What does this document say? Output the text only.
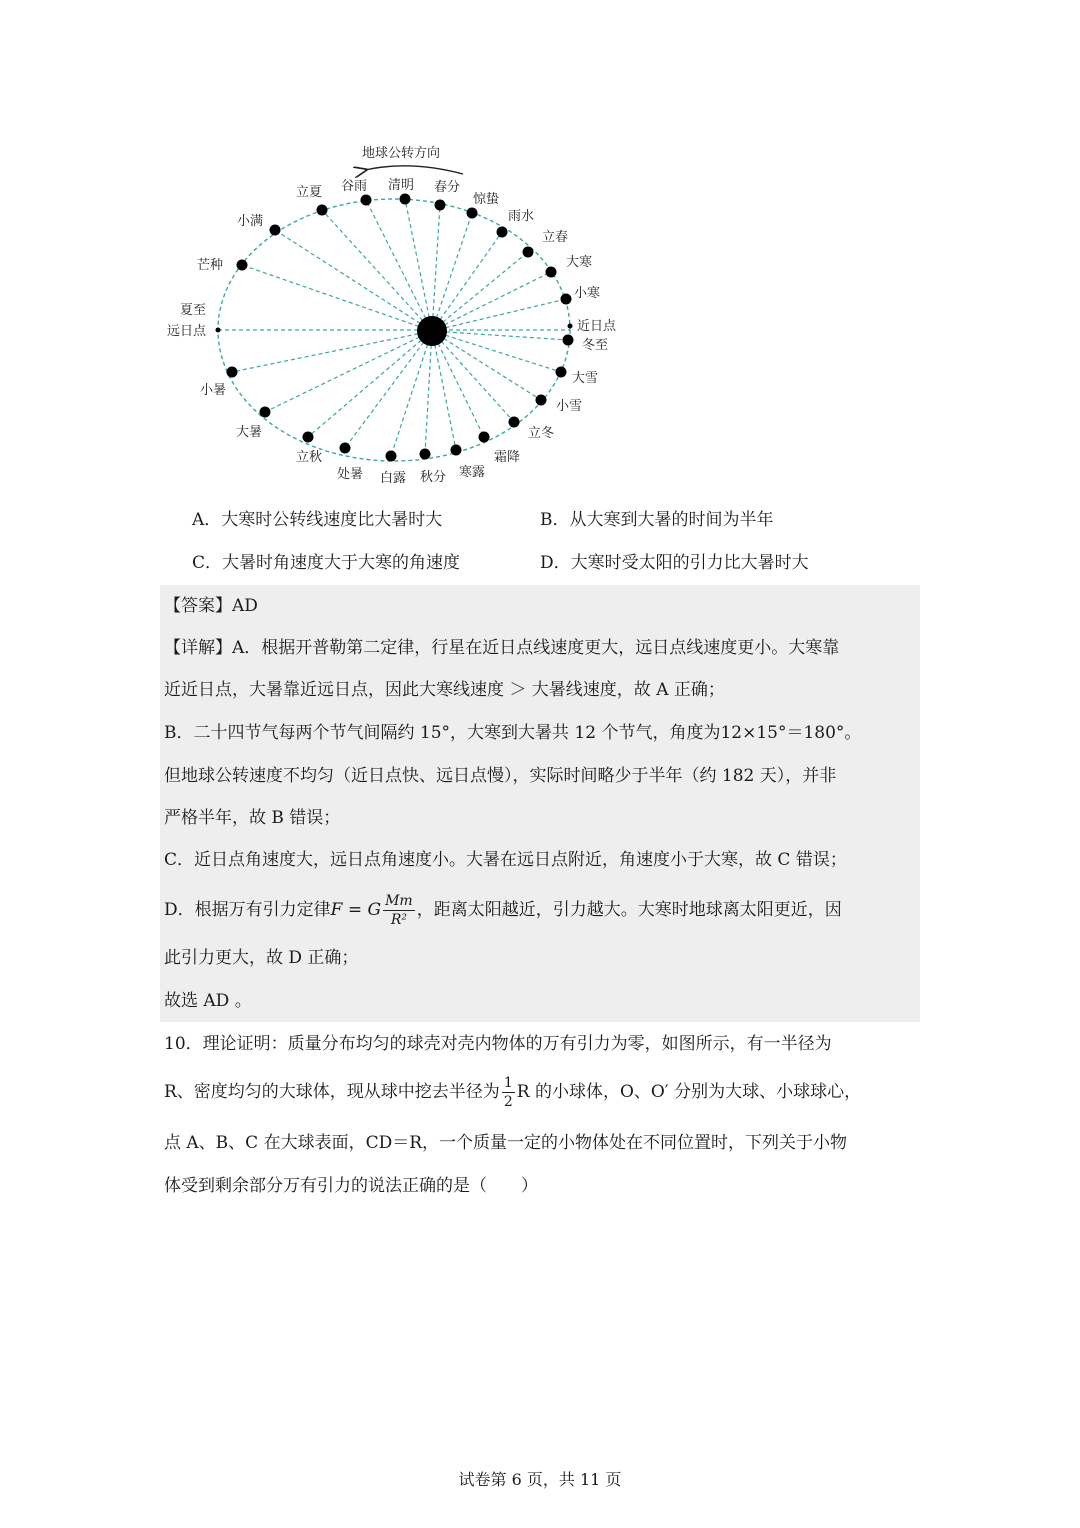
地球公转方向
远日点	近日点
谷雨 清明 春分
惊蛰
雨水
立春
大寒
小寒
冬至
大雪
小雪
立冬
霜降
寒露
秋分
白露
处暑
立秋
大暑
小暑
夏至
芒种
小满
立夏
A．大寒时公转线速度比大暑时大	B．从大寒到大暑的时间为半年
C．大暑时角速度大于大寒的角速度	D．大寒时受太阳的引力比大暑时大
【答案】AD
【详解】A．根据开普勒第二定律，行星在近日点线速度更大，远日点线速度更小。大寒靠
近近日点，大暑靠近远日点，因此大寒线速度 ＞ 大暑线速度，故 A 正确；
B．二十四节气每两个节气间隔约 15°，大寒到大暑共 12 个节气，角度为12×15°＝180°。
但地球公转速度不均匀（近日点快、远日点慢），实际时间略少于半年（约 182 天），并非
严格半年，故 B 错误；
C．近日点角速度大，远日点角速度小。大暑在远日点附近，角速度小于大寒，故 C 错误；
D．根据万有引力定律F = G $\frac{Mm}{\text{R²}}$ ，距离太阳越近，引力越大。大寒时地球离太阳更近，因
此引力更大，故 D 正确；
故选 AD 。
10．理论证明：质量分布均匀的球壳对壳内物体的万有引力为零，如图所示，有一半径为
R、密度均匀的大球体，现从球中挖去半径为 $\frac{1}{2}$ R 的小球体，O、O′ 分别为大球、小球球心，
点 A、B、C 在大球表面，CD＝R，一个质量一定的小物体处在不同位置时，下列关于小物
体受到剩余部分万有引力的说法正确的是（　　）
试卷第 6 页，共 11 页
